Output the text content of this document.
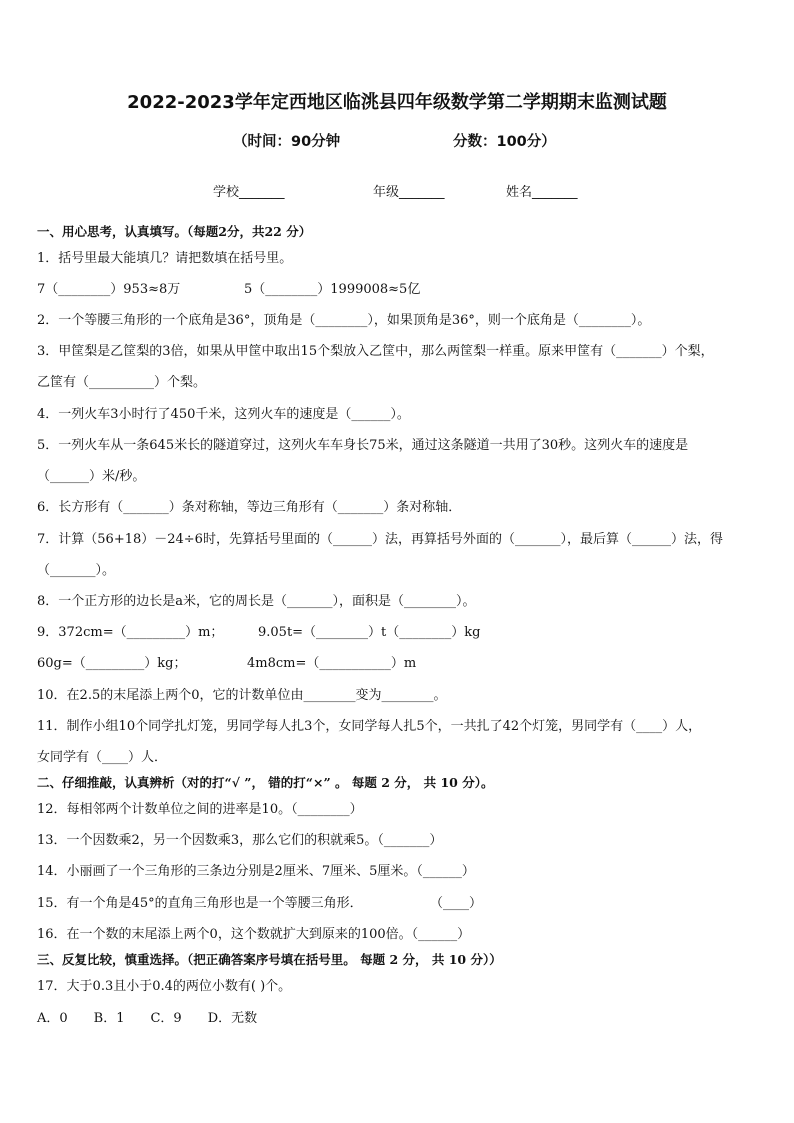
2022-2023学年定西地区临洮县四年级数学第二学期期末监测试题
（时间：90分钟	分数：100分）
学校_______	年级_______	姓名_______
一、用心思考，认真填写。（每题2分，共22 分）
1．括号里最大能填几？请把数填在括号里。
7（________）953≈8万	5（________）1999008≈5亿
2．一个等腰三角形的一个底角是36°，顶角是（________），如果顶角是36°，则一个底角是（________）。
3．甲筐梨是乙筐梨的3倍，如果从甲筐中取出15个梨放入乙筐中，那么两筐梨一样重。原来甲筐有（_______）个梨，
乙筐有（__________）个梨。
4．一列火车3小时行了450千米，这列火车的速度是（______）。
5．一列火车从一条645米长的隧道穿过，这列火车车身长75米，通过这条隧道一共用了30秒。这列火车的速度是
（______）米/秒。
6．长方形有（_______）条对称轴，等边三角形有（_______）条对称轴．
7．计算（56+18）－24÷6时，先算括号里面的（______）法，再算括号外面的（_______），最后算（______）法，得
（_______）。
8．一个正方形的边长是a米，它的周长是（_______），面积是（________）。
9．372cm=（_________）m；	9.05t=（________）t（________）kg
60g=（_________）kg；	4m8cm=（___________）m
10．在2.5的末尾添上两个0，它的计数单位由________变为________。
11．制作小组10个同学扎灯笼，男同学每人扎3个，女同学每人扎5个，一共扎了42个灯笼，男同学有（____）人，
女同学有（____）人．
二、仔细推敲，认真辨析（对的打“√ ”， 错的打“×” 。 每题 2 分， 共 10 分）。
12．每相邻两个计数单位之间的进率是10。（________）
13．一个因数乘2，另一个因数乘3，那么它们的积就乘5。（_______）
14．小丽画了一个三角形的三条边分别是2厘米、7厘米、5厘米。（______）
15．有一个角是45°的直角三角形也是一个等腰三角形．	（____）
16．在一个数的末尾添上两个0，这个数就扩大到原来的100倍。（______）
三、反复比较，慎重选择。（把正确答案序号填在括号里。 每题 2 分， 共 10 分））
17．大于0.3且小于0.4的两位小数有( )个。
A．0　　B．1　　C．9　　D．无数
